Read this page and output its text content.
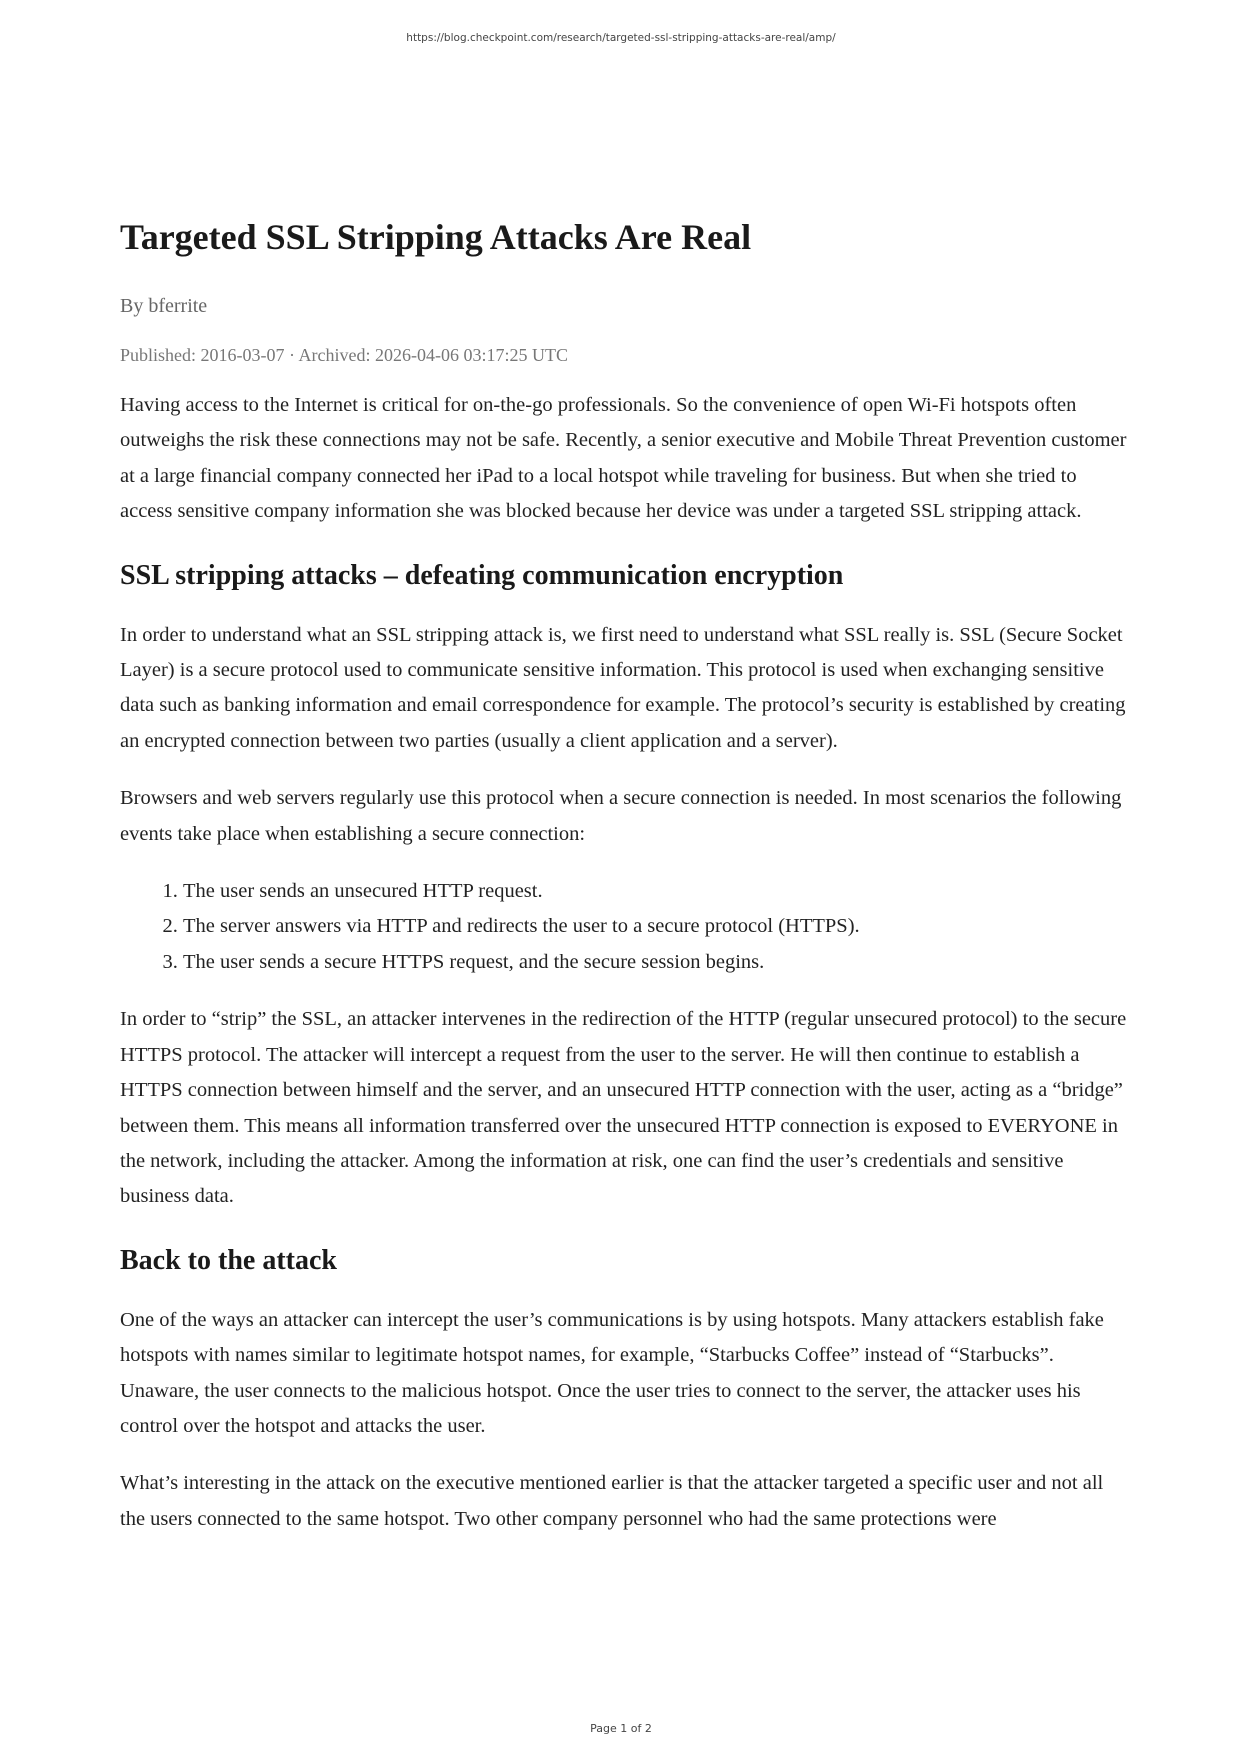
https://blog.checkpoint.com/research/targeted-ssl-stripping-attacks-are-real/amp/
Targeted SSL Stripping Attacks Are Real
By bferrite
Published: 2016-03-07 · Archived: 2026-04-06 03:17:25 UTC

Having access to the Internet is critical for on-the-go professionals. So the convenience of open Wi-Fi hotspots often outweighs the risk these connections may not be safe. Recently, a senior executive and Mobile Threat Prevention customer at a large financial company connected her iPad to a local hotspot while traveling for business. But when she tried to access sensitive company information she was blocked because her device was under a targeted SSL stripping attack.

SSL stripping attacks – defeating communication encryption

In order to understand what an SSL stripping attack is, we first need to understand what SSL really is. SSL (Secure Socket Layer) is a secure protocol used to communicate sensitive information. This protocol is used when exchanging sensitive data such as banking information and email correspondence for example. The protocol’s security is established by creating an encrypted connection between two parties (usually a client application and a server).

Browsers and web servers regularly use this protocol when a secure connection is needed. In most scenarios the following events take place when establishing a secure connection:

1. The user sends an unsecured HTTP request.
2. The server answers via HTTP and redirects the user to a secure protocol (HTTPS).
3. The user sends a secure HTTPS request, and the secure session begins.

In order to “strip” the SSL, an attacker intervenes in the redirection of the HTTP (regular unsecured protocol) to the secure HTTPS protocol. The attacker will intercept a request from the user to the server. He will then continue to establish a HTTPS connection between himself and the server, and an unsecured HTTP connection with the user, acting as a “bridge” between them. This means all information transferred over the unsecured HTTP connection is exposed to EVERYONE in the network, including the attacker. Among the information at risk, one can find the user’s credentials and sensitive business data.

Back to the attack

One of the ways an attacker can intercept the user’s communications is by using hotspots. Many attackers establish fake hotspots with names similar to legitimate hotspot names, for example, “Starbucks Coffee” instead of “Starbucks”. Unaware, the user connects to the malicious hotspot. Once the user tries to connect to the server, the attacker uses his control over the hotspot and attacks the user.

What’s interesting in the attack on the executive mentioned earlier is that the attacker targeted a specific user and not all the users connected to the same hotspot. Two other company personnel who had the same protections were

Page 1 of 2
